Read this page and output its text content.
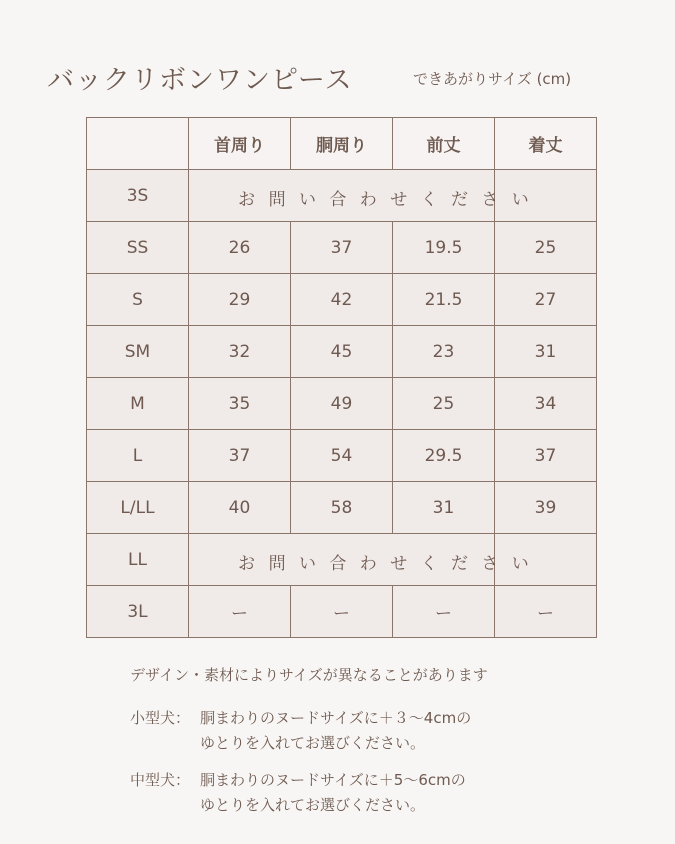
バックリボンワンピース	できあがりサイズ (cm)
	首周り	胴周り	前丈	着丈
3S	お 問 い 合 わ せ く だ さ い			
SS	26	37	19.5	25
S	29	42	21.5	27
SM	32	45	23	31
M	35	49	25	34
L	37	54	29.5	37
L/LL	40	58	31	39
LL	お 問 い 合 わ せ く だ さ い			
3L	ー	ー	ー	ー
デザイン・素材によりサイズが異なることがあります
小型犬： 胴まわりのヌードサイズに＋３〜4cmの
ゆとりを入れてお選びください。
中型犬： 胴まわりのヌードサイズに＋5〜6cmの
ゆとりを入れてお選びください。
